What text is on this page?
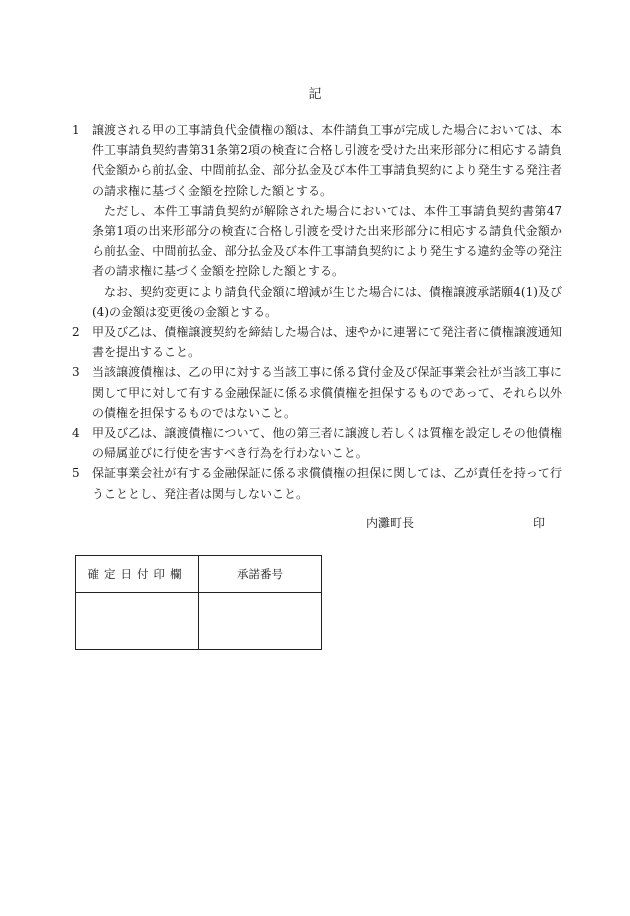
記
1	譲渡される甲の工事請負代金債権の額は、本件請負工事が完成した場合においては、本件工事請負契約書第31条第2項の検査に合格し引渡を受けた出来形部分に相応する請負代金額から前払金、中間前払金、部分払金及び本件工事請負契約により発生する発注者の請求権に基づく金額を控除した額とする。
ただし、本件工事請負契約が解除された場合においては、本件工事請負契約書第47条第1項の出来形部分の検査に合格し引渡を受けた出来形部分に相応する請負代金額から前払金、中間前払金、部分払金及び本件工事請負契約により発生する違約金等の発注者の請求権に基づく金額を控除した額とする。
なお、契約変更により請負代金額に増減が生じた場合には、債権譲渡承諾願4(1)及び(4)の金額は変更後の金額とする。
2	甲及び乙は、債権譲渡契約を締結した場合は、速やかに連署にて発注者に債権譲渡通知書を提出すること。
3	当該譲渡債権は、乙の甲に対する当該工事に係る貸付金及び保証事業会社が当該工事に関して甲に対して有する金融保証に係る求償債権を担保するものであって、それら以外の債権を担保するものではないこと。
4	甲及び乙は、譲渡債権について、他の第三者に譲渡し若しくは質権を設定しその他債権の帰属並びに行使を害すべき行為を行わないこと。
5	保証事業会社が有する金融保証に係る求償債権の担保に関しては、乙が責任を持って行うこととし、発注者は関与しないこと。
内灘町長	印
確定日付印欄	承諾番号
